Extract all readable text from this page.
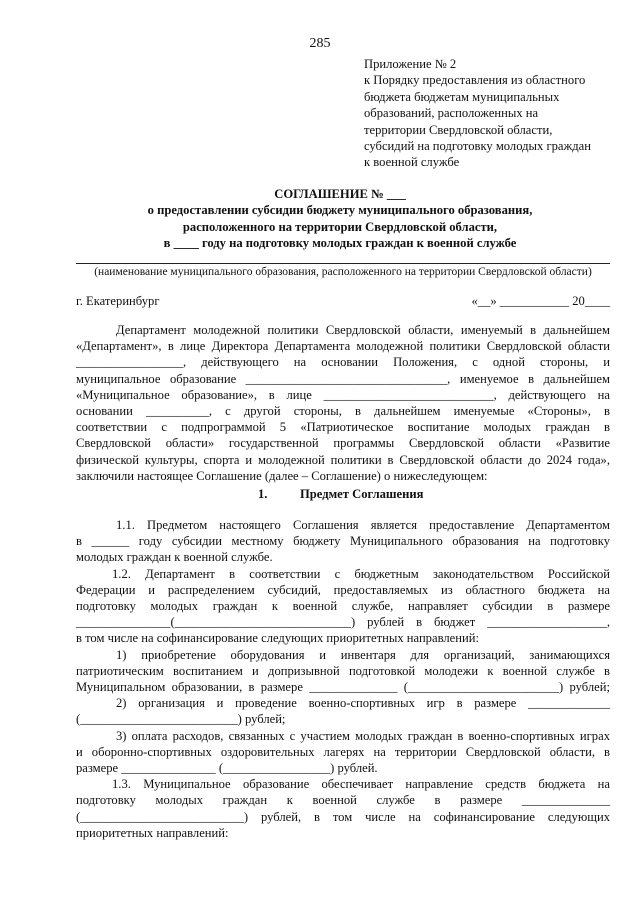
285
Приложение № 2
к Порядку предоставления из областного
бюджета бюджетам муниципальных
образований, расположенных на
территории Свердловской области,
субсидий на подготовку молодых граждан
к военной службе
СОГЛАШЕНИЕ № ___
о предоставлении субсидии бюджету муниципального образования,
расположенного на территории Свердловской области,
в ____ году на подготовку молодых граждан к военной службе
(наименование муниципального образования, расположенного на территории Свердловской области)
г. Екатеринбург	«__» ___________ 20____
Департамент молодежной политики Свердловской области, именуемый в дальнейшем
«Департамент», в лице Директора Департамента молодежной политики Свердловской области
_________________, действующего на основании Положения, с одной стороны, и
муниципальное образование ________________________________, именуемое в дальнейшем
«Муниципальное образование», в лице ___________________________, действующего на
основании __________, с другой стороны, в дальнейшем именуемые «Стороны», в
соответствии с подпрограммой 5 «Патриотическое воспитание молодых граждан в
Свердловской области» государственной программы Свердловской области «Развитие
физической культуры, спорта и молодежной политики в Свердловской области до 2024 года»,
заключили настоящее Соглашение (далее – Соглашение) о нижеследующем:
1.	Предмет Соглашения
1.1. Предметом настоящего Соглашения является предоставление Департаментом
в ______ году субсидии местному бюджету Муниципального образования на подготовку
молодых граждан к военной службе.
1.2. Департамент в соответствии с бюджетным законодательством Российской
Федерации и распределением субсидий, предоставляемых из областного бюджета на
подготовку молодых граждан к военной службе, направляет субсидии в размере
_______________(____________________________) рублей в бюджет ___________________,
в том числе на софинансирование следующих приоритетных направлений:
1) приобретение оборудования и инвентаря для организаций, занимающихся
патриотическим воспитанием и допризывной подготовкой молодежи к военной службе в
Муниципальном образовании, в размере ______________ (________________________) рублей;
2) организация и проведение военно-спортивных игр в размере _____________
(_________________________) рублей;
3) оплата расходов, связанных с участием молодых граждан в военно-спортивных играх
и оборонно-спортивных оздоровительных лагерях на территории Свердловской области, в
размере _______________ (_________________) рублей.
1.3. Муниципальное образование обеспечивает направление средств бюджета на
подготовку молодых граждан к военной службе в размере ______________
(__________________________) рублей, в том числе на софинансирование следующих
приоритетных направлений:
